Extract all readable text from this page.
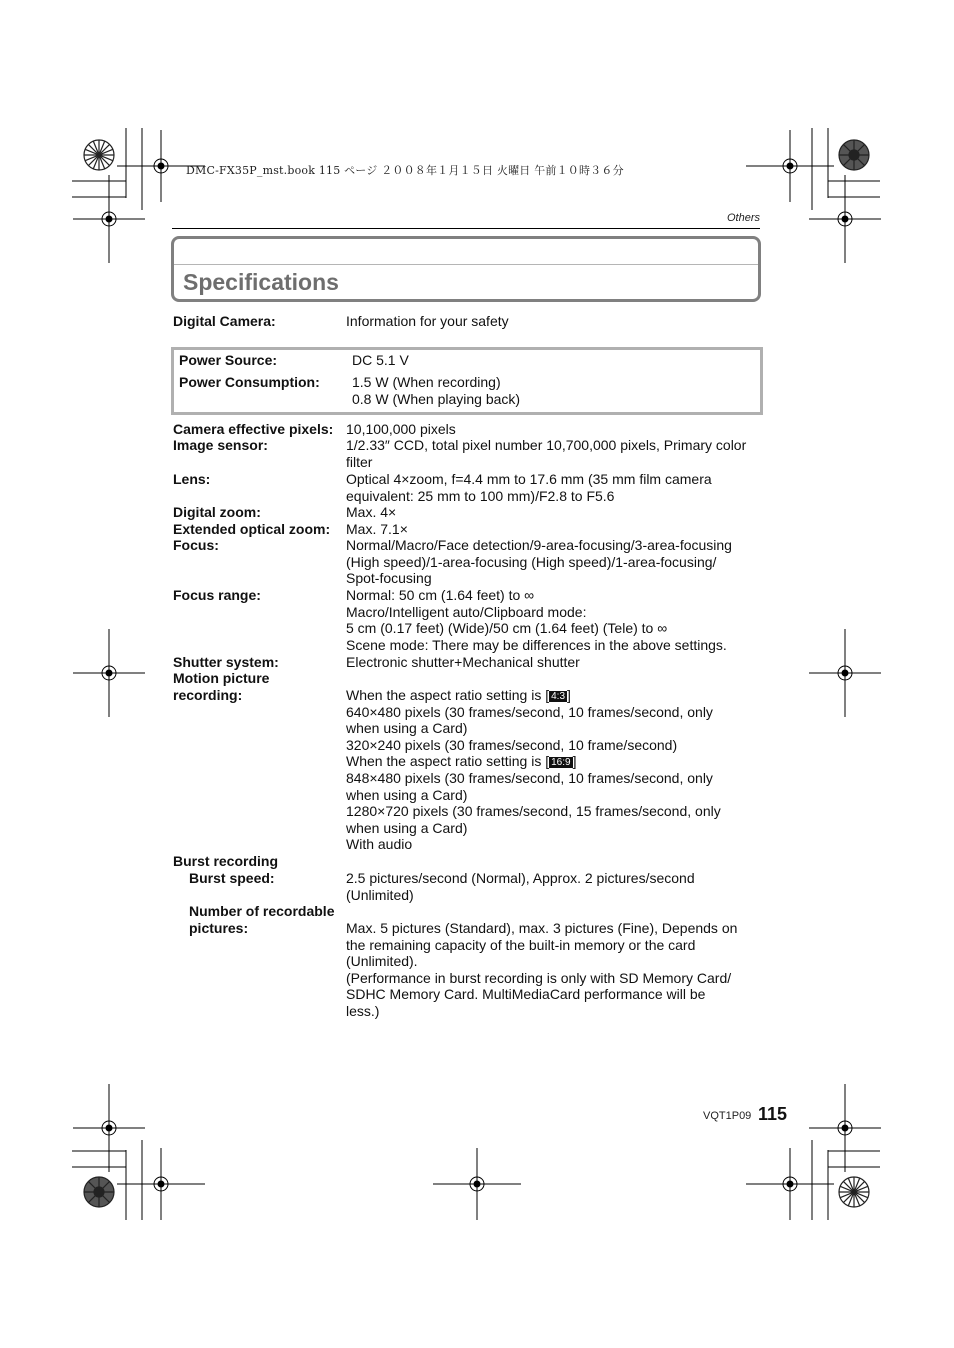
DMC-FX35P_mst.book 115 ページ ２００８年１月１５日 火曜日 午前１０時３６分
Others
Specifications
Digital Camera:	Information for your safety
Power Source:	DC 5.1 V
Power Consumption: 1.5 W (When recording)
0.8 W (When playing back)
Camera effective pixels: 10,100,000 pixels
Image sensor:	1/2.33″ CCD, total pixel number 10,700,000 pixels, Primary color
filter
Lens:	Optical 4×zoom, f=4.4 mm to 17.6 mm (35 mm film camera
equivalent: 25 mm to 100 mm)/F2.8 to F5.6
Digital zoom:	Max. 4×
Extended optical zoom: Max. 7.1×
Focus:	Normal/Macro/Face detection/9-area-focusing/3-area-focusing
(High speed)/1-area-focusing (High speed)/1-area-focusing/
Spot-focusing
Focus range:	Normal: 50 cm (1.64 feet) to ∞
Macro/Intelligent auto/Clipboard mode:
5 cm (0.17 feet) (Wide)/50 cm (1.64 feet) (Tele) to ∞
Scene mode: There may be differences in the above settings.
Shutter system:	Electronic shutter+Mechanical shutter
Motion picture
recording:	When the aspect ratio setting is [ 4:3 ]
640×480 pixels (30 frames/second, 10 frames/second, only
when using a Card)
320×240 pixels (30 frames/second, 10 frame/second)
When the aspect ratio setting is [ 16:9 ]
848×480 pixels (30 frames/second, 10 frames/second, only
when using a Card)
1280×720 pixels (30 frames/second, 15 frames/second, only
when using a Card)
With audio
Burst recording
Burst speed:	2.5 pictures/second (Normal), Approx. 2 pictures/second
(Unlimited)
Number of recordable
pictures:	Max. 5 pictures (Standard), max. 3 pictures (Fine), Depends on
the remaining capacity of the built-in memory or the card
(Unlimited).
(Performance in burst recording is only with SD Memory Card/
SDHC Memory Card. MultiMediaCard performance will be
less.)
VQT1P09 115
